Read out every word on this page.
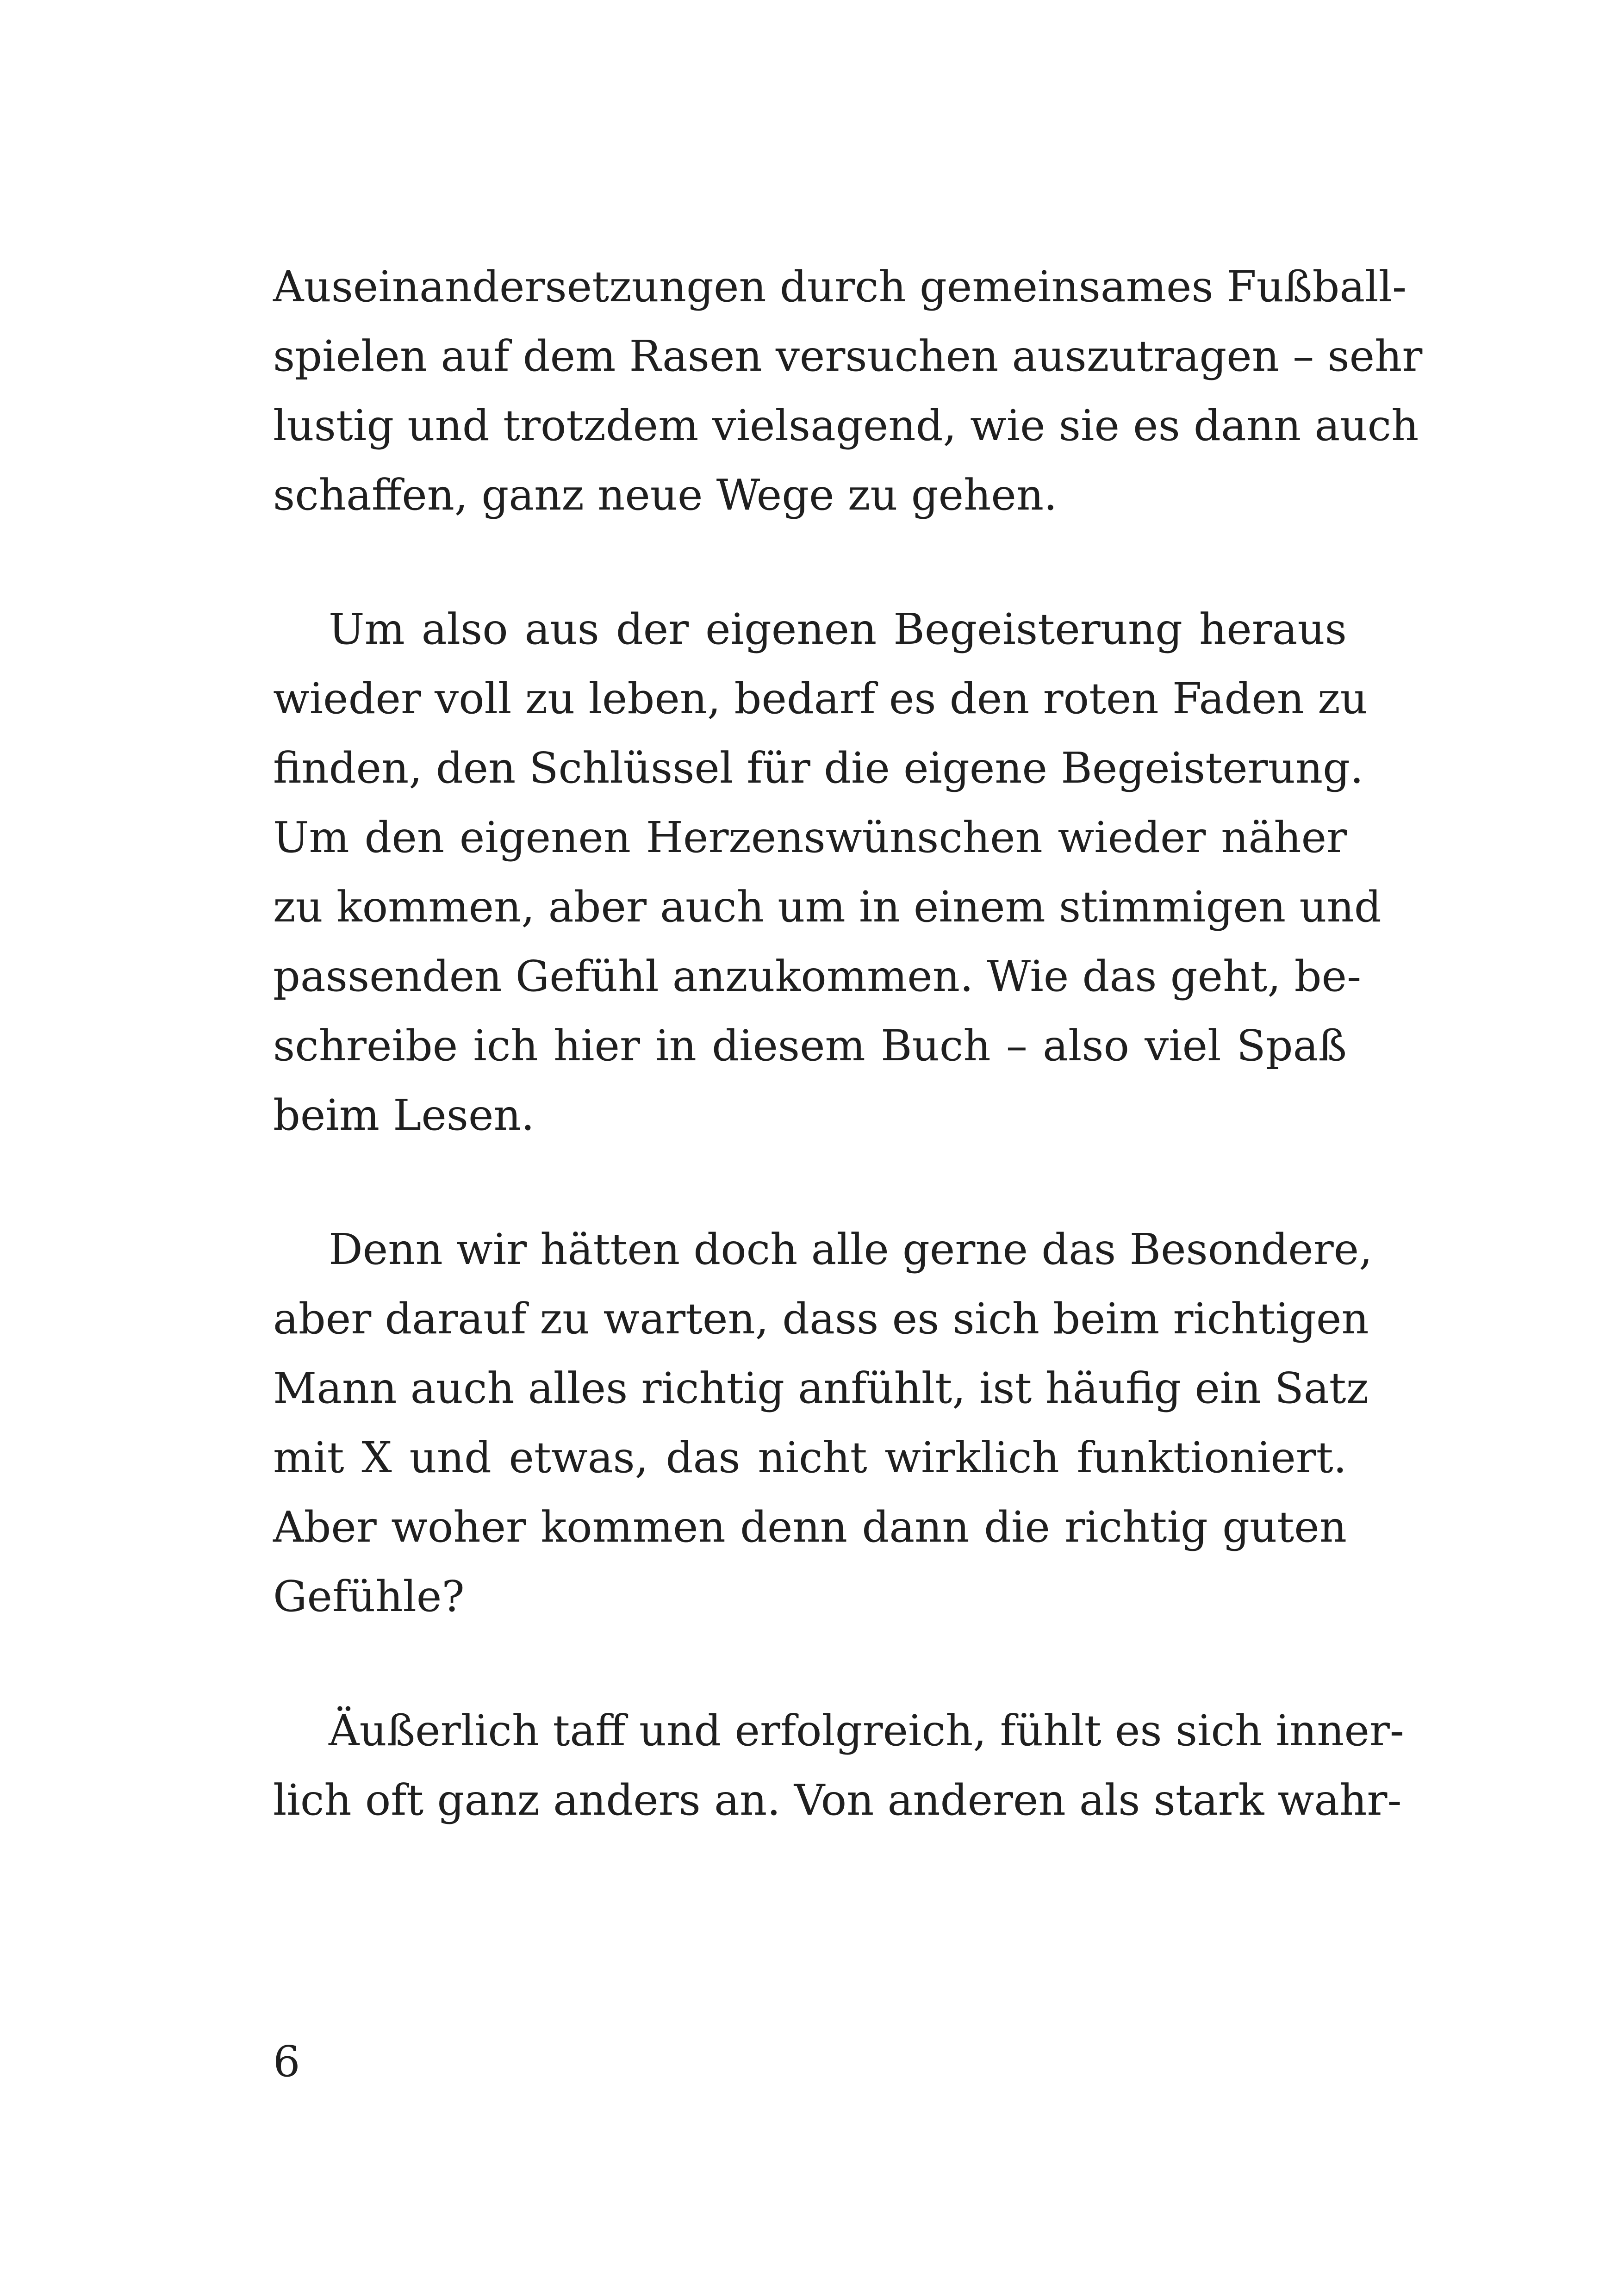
Auseinandersetzungen durch gemeinsames Fußball-
spielen auf dem Rasen versuchen auszutragen – sehr
lustig und trotzdem vielsagend, wie sie es dann auch
schaffen, ganz neue Wege zu gehen.
Um also aus der eigenen Begeisterung heraus
wieder voll zu leben, bedarf es den roten Faden zu
finden, den Schlüssel für die eigene Begeisterung.
Um den eigenen Herzenswünschen wieder näher
zu kommen, aber auch um in einem stimmigen und
passenden Gefühl anzukommen. Wie das geht, be-
schreibe ich hier in diesem Buch – also viel Spaß
beim Lesen.
Denn wir hätten doch alle gerne das Besondere,
aber darauf zu warten, dass es sich beim richtigen
Mann auch alles richtig anfühlt, ist häufig ein Satz
mit X und etwas, das nicht wirklich funktioniert.
Aber woher kommen denn dann die richtig guten
Gefühle?
Äußerlich taff und erfolgreich, fühlt es sich inner-
lich oft ganz anders an. Von anderen als stark wahr-
6
